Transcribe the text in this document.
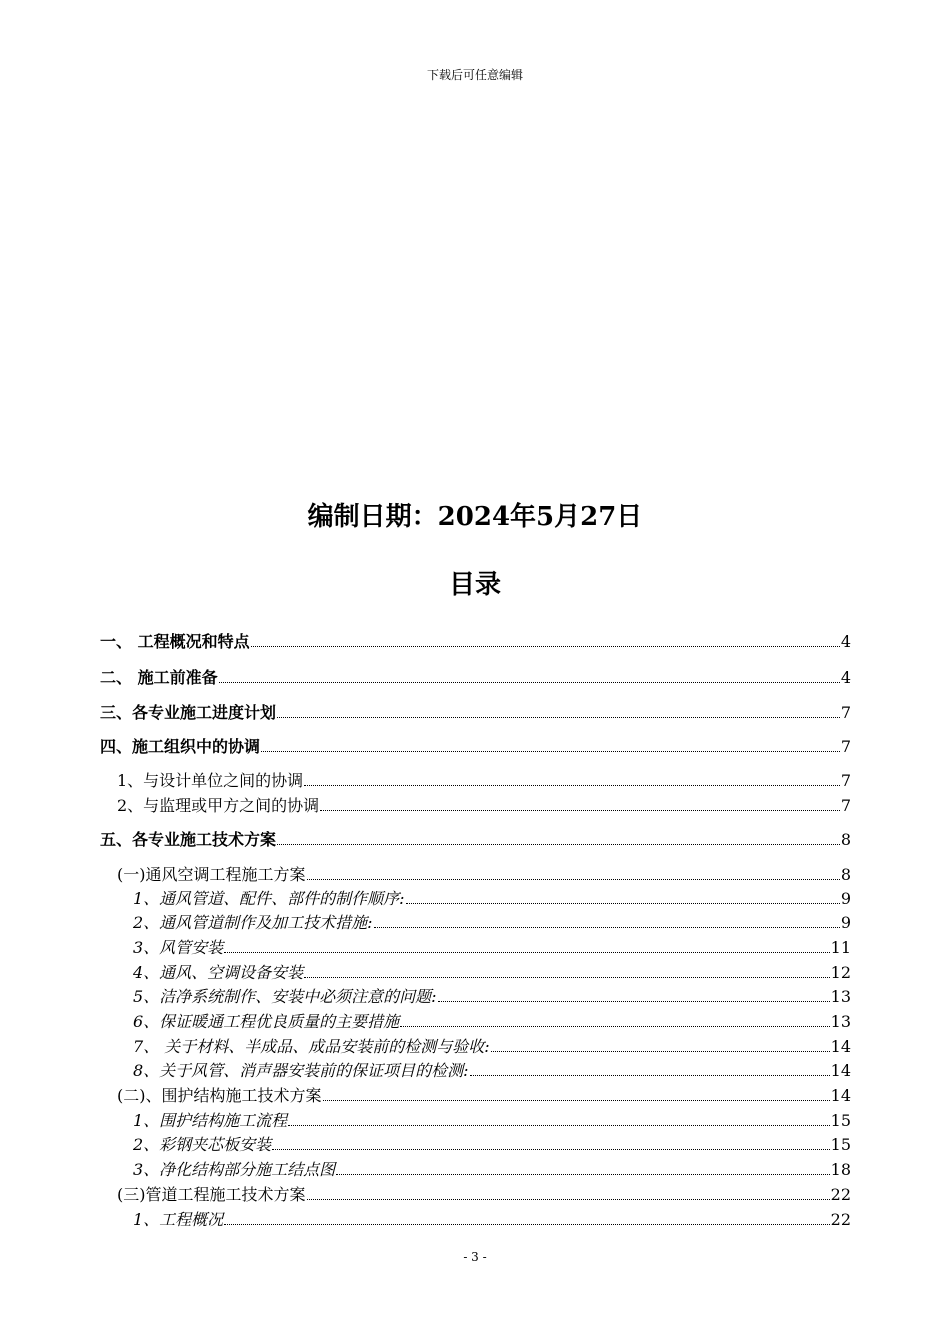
下载后可任意编辑
编制日期：2024年5月27日
目录
一、 工程概况和特点	4
二、 施工前准备	4
三、各专业施工进度计划	7
四、施工组织中的协调	7
1、与设计单位之间的协调	7
2、与监理或甲方之间的协调	7
五、各专业施工技术方案	8
(一)通风空调工程施工方案	8
1、通风管道、配件、部件的制作顺序:	9
2、通风管道制作及加工技术措施:	9
3、风管安装	11
4、通风、空调设备安装	12
5、洁净系统制作、安装中必须注意的问题:	13
6、保证暖通工程优良质量的主要措施	13
7、 关于材料、半成品、成品安装前的检测与验收:	14
8、关于风管、消声器安装前的保证项目的检测:	14
(二)、围护结构施工技术方案	14
1、围护结构施工流程	15
2、彩钢夹芯板安装	15
3、净化结构部分施工结点图	18
(三)管道工程施工技术方案	22
1、工程概况	22
- 3 -
